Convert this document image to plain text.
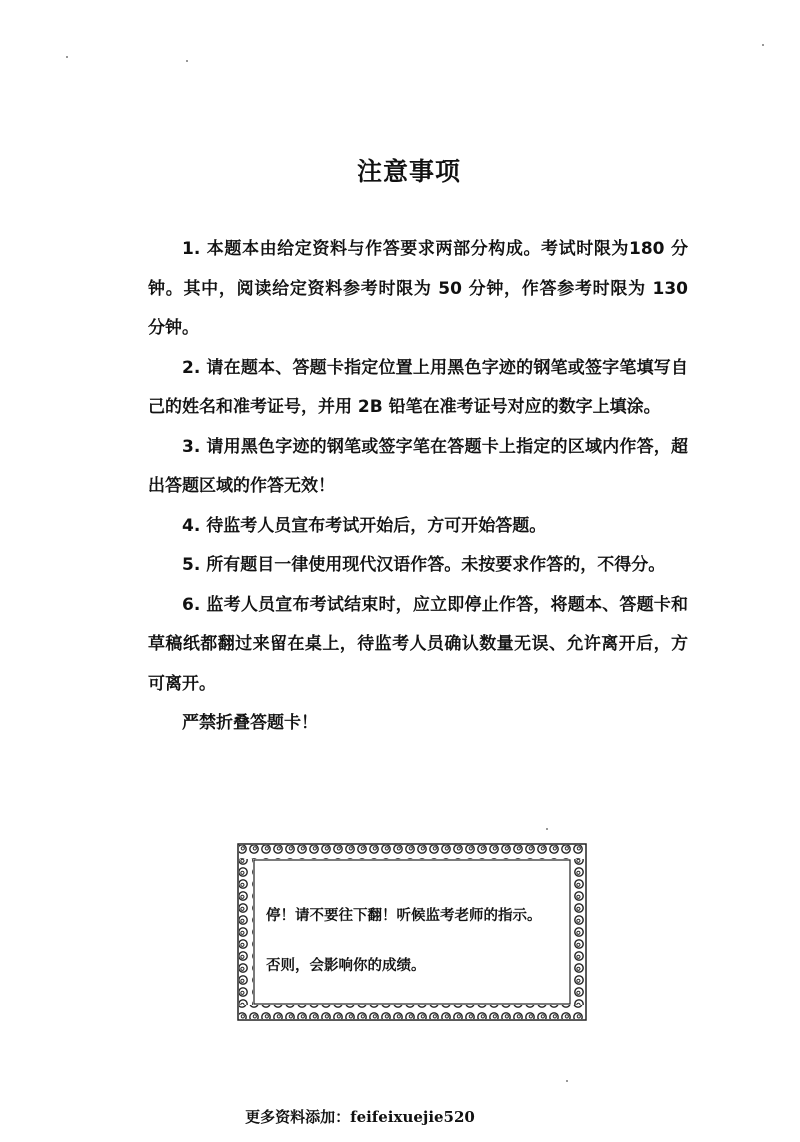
注意事项

1. 本题本由给定资料与作答要求两部分构成。考试时限为180 分钟。其中，阅读给定资料参考时限为 50 分钟，作答参考时限为 130 分钟。

2. 请在题本、答题卡指定位置上用黑色字迹的钢笔或签字笔填写自己的姓名和准考证号，并用 2B 铅笔在准考证号对应的数字上填涂。

3. 请用黑色字迹的钢笔或签字笔在答题卡上指定的区域内作答，超出答题区域的作答无效！

4. 待监考人员宣布考试开始后，方可开始答题。

5. 所有题目一律使用现代汉语作答。未按要求作答的，不得分。

6. 监考人员宣布考试结束时，应立即停止作答，将题本、答题卡和草稿纸都翻过来留在桌上，待监考人员确认数量无误、允许离开后，方可离开。

严禁折叠答题卡！

停！请不要往下翻！听候监考老师的指示。
否则，会影响你的成绩。
更多资料添加：feifeixuejie520
